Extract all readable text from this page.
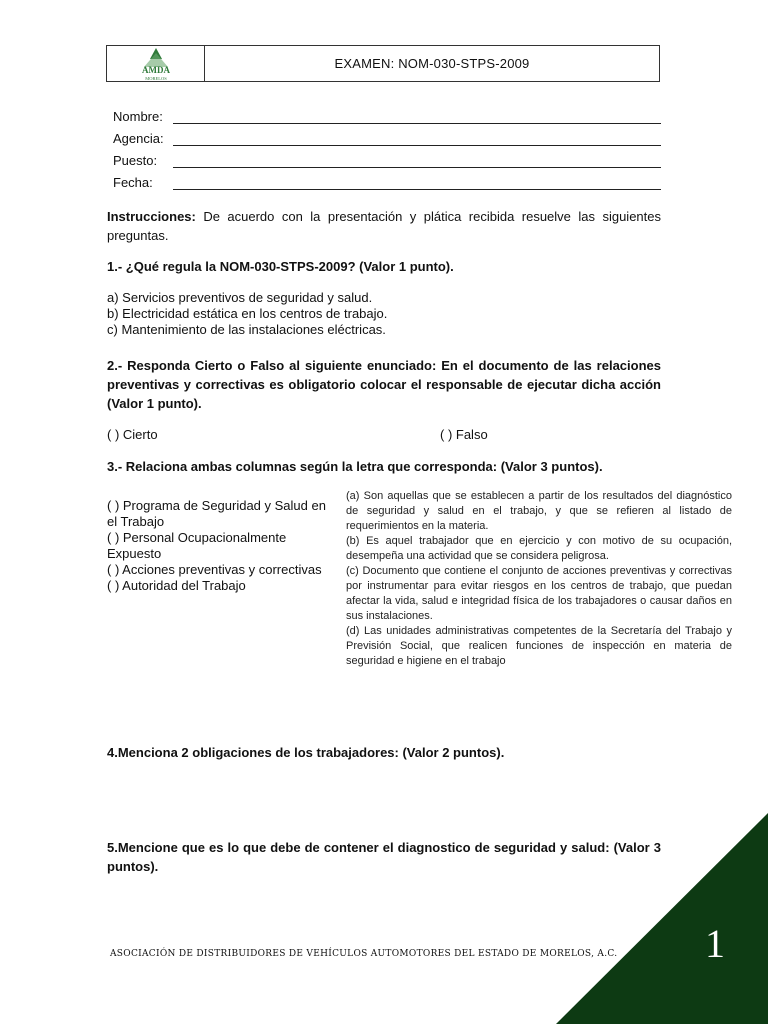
AMDA
MORELOS
EXAMEN: NOM-030-STPS-2009
Nombre:
Agencia:
Puesto:
Fecha:
Instrucciones: De acuerdo con la presentación y plática recibida resuelve las siguientes preguntas.
1.- ¿Qué regula la NOM-030-STPS-2009? (Valor 1 punto).
a) Servicios preventivos de seguridad y salud.
b) Electricidad estática en los centros de trabajo.
c) Mantenimiento de las instalaciones eléctricas.
2.- Responda Cierto o Falso al siguiente enunciado: En el documento de las relaciones preventivas y correctivas es obligatorio colocar el responsable de ejecutar dicha acción (Valor 1 punto).
( ) Cierto	( ) Falso
3.- Relaciona ambas columnas según la letra que corresponda: (Valor 3 puntos).
( ) Programa de Seguridad y Salud en el Trabajo
( ) Personal Ocupacionalmente Expuesto
( ) Acciones preventivas y correctivas
( ) Autoridad del Trabajo
(a) Son aquellas que se establecen a partir de los resultados del diagnóstico de seguridad y salud en el trabajo, y que se refieren al listado de requerimientos en la materia.
(b) Es aquel trabajador que en ejercicio y con motivo de su ocupación, desempeña una actividad que se considera peligrosa.
(c) Documento que contiene el conjunto de acciones preventivas y correctivas por instrumentar para evitar riesgos en los centros de trabajo, que puedan afectar la vida, salud e integridad física de los trabajadores o causar daños en sus instalaciones.
(d) Las unidades administrativas competentes de la Secretaría del Trabajo y Previsión Social, que realicen funciones de inspección en materia de seguridad e higiene en el trabajo
4.Menciona 2 obligaciones de los trabajadores: (Valor 2 puntos).
5.Mencione que es lo que debe de contener el diagnostico de seguridad y salud: (Valor 3 puntos).
ASOCIACIÓN DE DISTRIBUIDORES DE VEHÍCULOS AUTOMOTORES DEL ESTADO DE MORELOS, A.C. 1
